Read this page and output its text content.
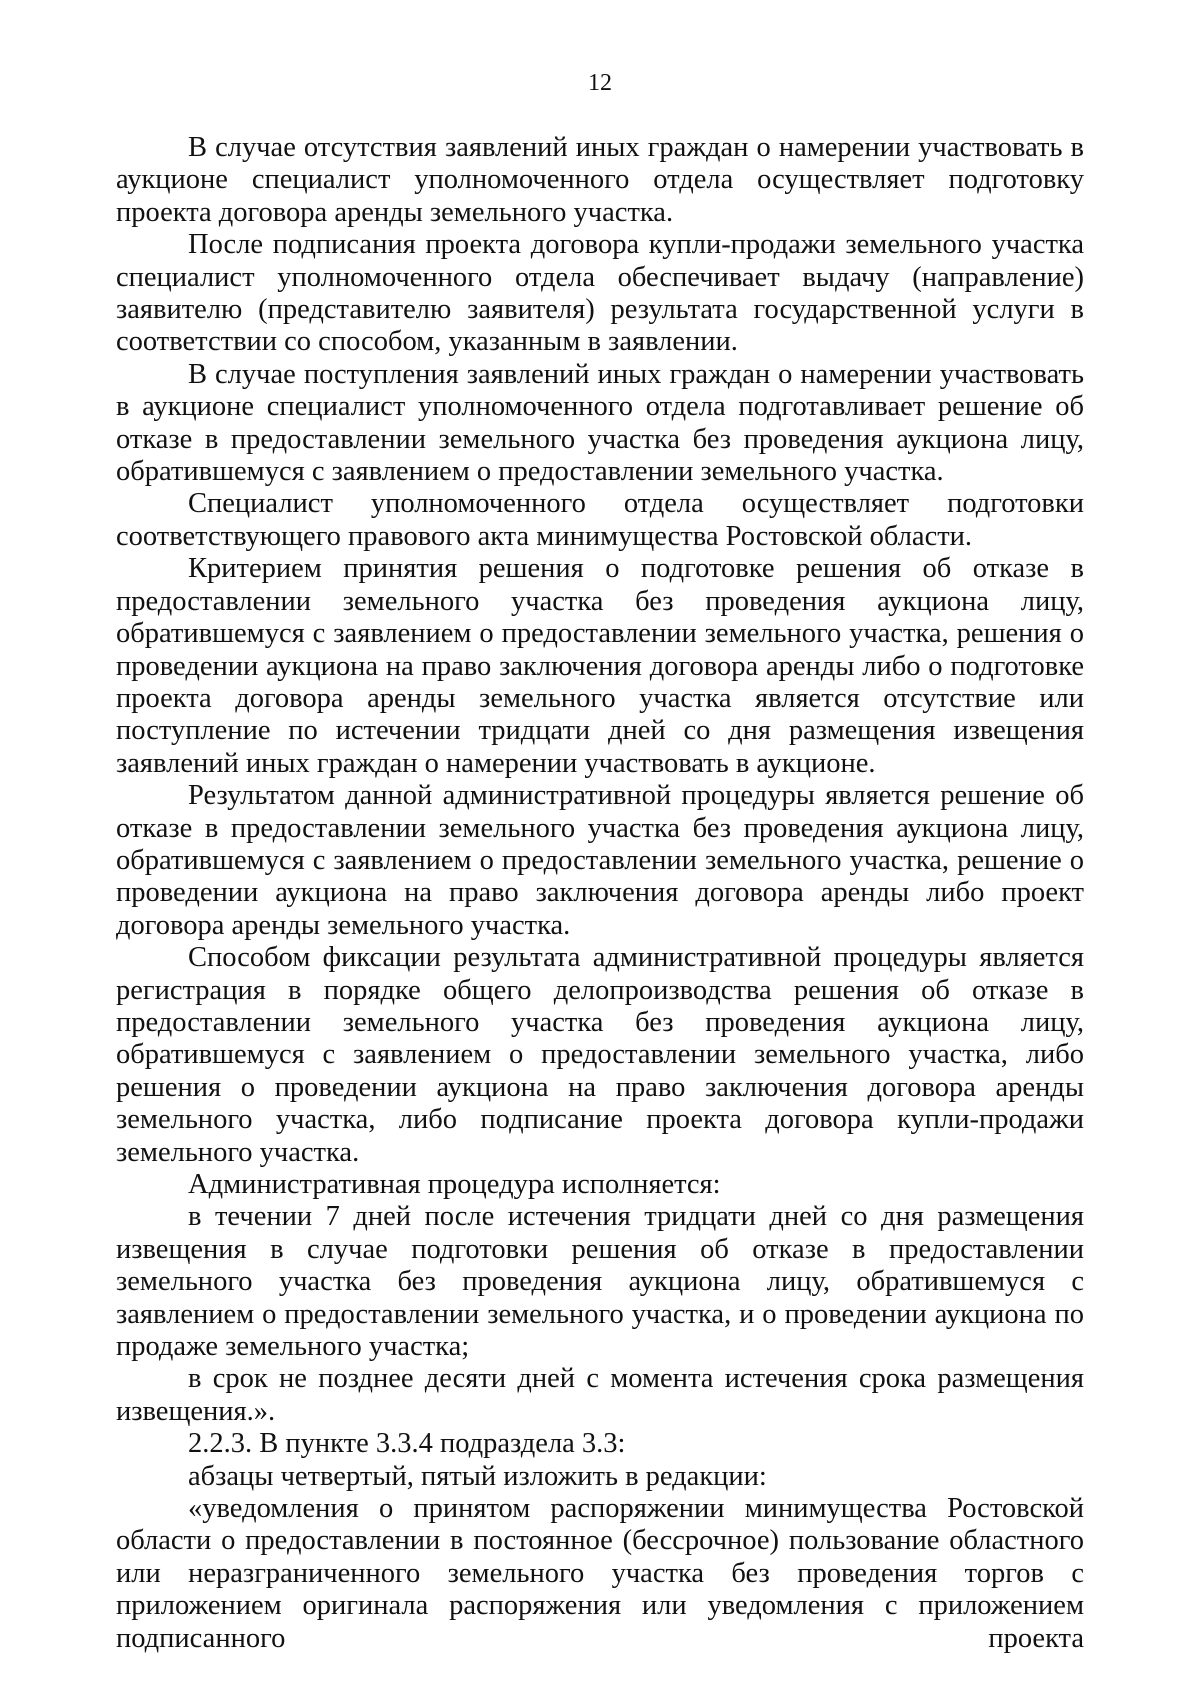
12

В случае отсутствия заявлений иных граждан о намерении участвовать в аукционе специалист уполномоченного отдела осуществляет подготовку проекта договора аренды земельного участка.

После подписания проекта договора купли-продажи земельного участка специалист уполномоченного отдела обеспечивает выдачу (направление) заявителю (представителю заявителя) результата государственной услуги в соответствии со способом, указанным в заявлении.

В случае поступления заявлений иных граждан о намерении участвовать в аукционе специалист уполномоченного отдела подготавливает решение об отказе в предоставлении земельного участка без проведения аукциона лицу, обратившемуся с заявлением о предоставлении земельного участка.

Специалист уполномоченного отдела осуществляет подготовки соответствующего правового акта минимущества Ростовской области.

Критерием принятия решения о подготовке решения об отказе в предоставлении земельного участка без проведения аукциона лицу, обратившемуся с заявлением о предоставлении земельного участка, решения о проведении аукциона на право заключения договора аренды либо о подготовке проекта договора аренды земельного участка является отсутствие или поступление по истечении тридцати дней со дня размещения извещения заявлений иных граждан о намерении участвовать в аукционе.

Результатом данной административной процедуры является решение об отказе в предоставлении земельного участка без проведения аукциона лицу, обратившемуся с заявлением о предоставлении земельного участка, решение о проведении аукциона на право заключения договора аренды либо проект договора аренды земельного участка.

Способом фиксации результата административной процедуры является регистрация в порядке общего делопроизводства решения об отказе в предоставлении земельного участка без проведения аукциона лицу, обратившемуся с заявлением о предоставлении земельного участка, либо решения о проведении аукциона на право заключения договора аренды земельного участка, либо подписание проекта договора купли-продажи земельного участка.

Административная процедура исполняется:

в течении 7 дней после истечения тридцати дней со дня размещения извещения в случае подготовки решения об отказе в предоставлении земельного участка без проведения аукциона лицу, обратившемуся с заявлением о предоставлении земельного участка, и о проведении аукциона по продаже земельного участка;

в срок не позднее десяти дней с момента истечения срока размещения извещения.».

2.2.3. В пункте 3.3.4 подраздела 3.3:

абзацы четвертый, пятый изложить в редакции:

«уведомления о принятом распоряжении минимущества Ростовской области о предоставлении в постоянное (бессрочное) пользование областного или неразграниченного земельного участка без проведения торгов с приложением оригинала распоряжения или уведомления с приложением подписанного проекта
